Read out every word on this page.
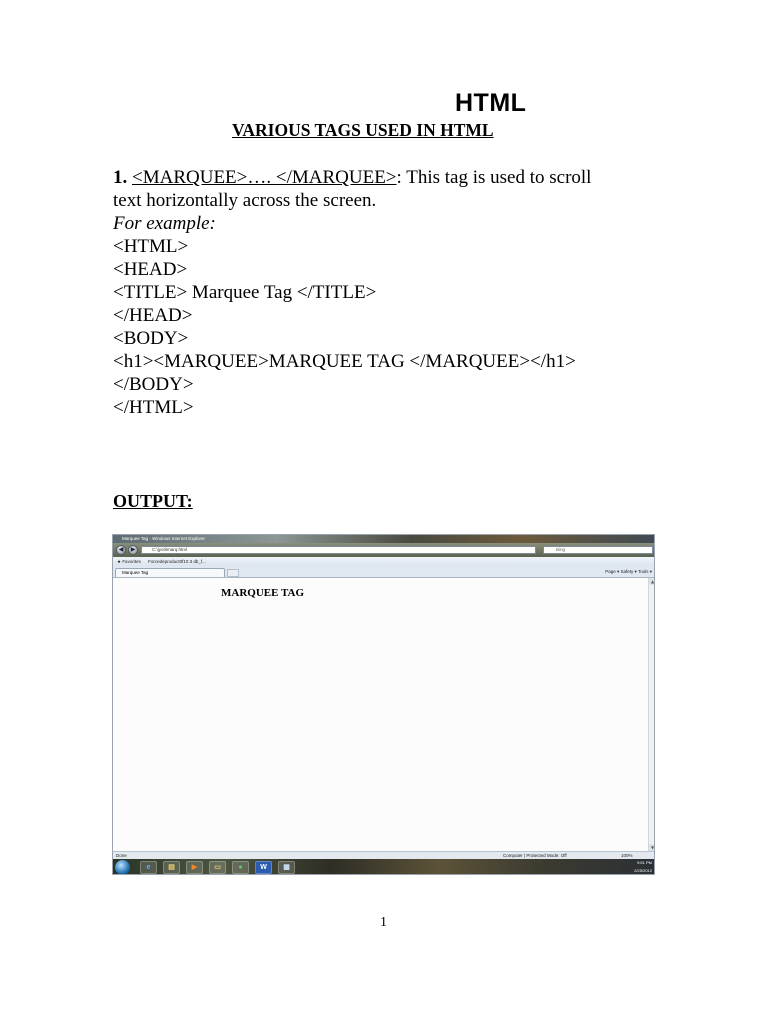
HTML
VARIOUS TAGS USED IN HTML
1. <MARQUEE>…. </MARQUEE>: This tag is used to scroll
text horizontally across the screen.
For example:
<HTML>
<HEAD>
<TITLE> Marquee Tag </TITLE>
</HEAD>
<BODY>
<h1><MARQUEE>MARQUEE TAG </MARQUEE></h1>
</BODY>
</HTML>
OUTPUT:
Marquee Tag - Windows Internet Explorer
◀	▶	C:\jyoti\marq.html	▾ ⟳ ✕	Bing
★ Favorites Forcedeproduct0f10.3 db_f...
Marquee Tag	Page ▾ Safety ▾ Tools ▾
MARQUEE TAG
▲
▼
Done	Computer | Protected Mode: Off	100%
e	▤	▶	▭	●	W	▦
9:51 PM
2/25/2012
1
